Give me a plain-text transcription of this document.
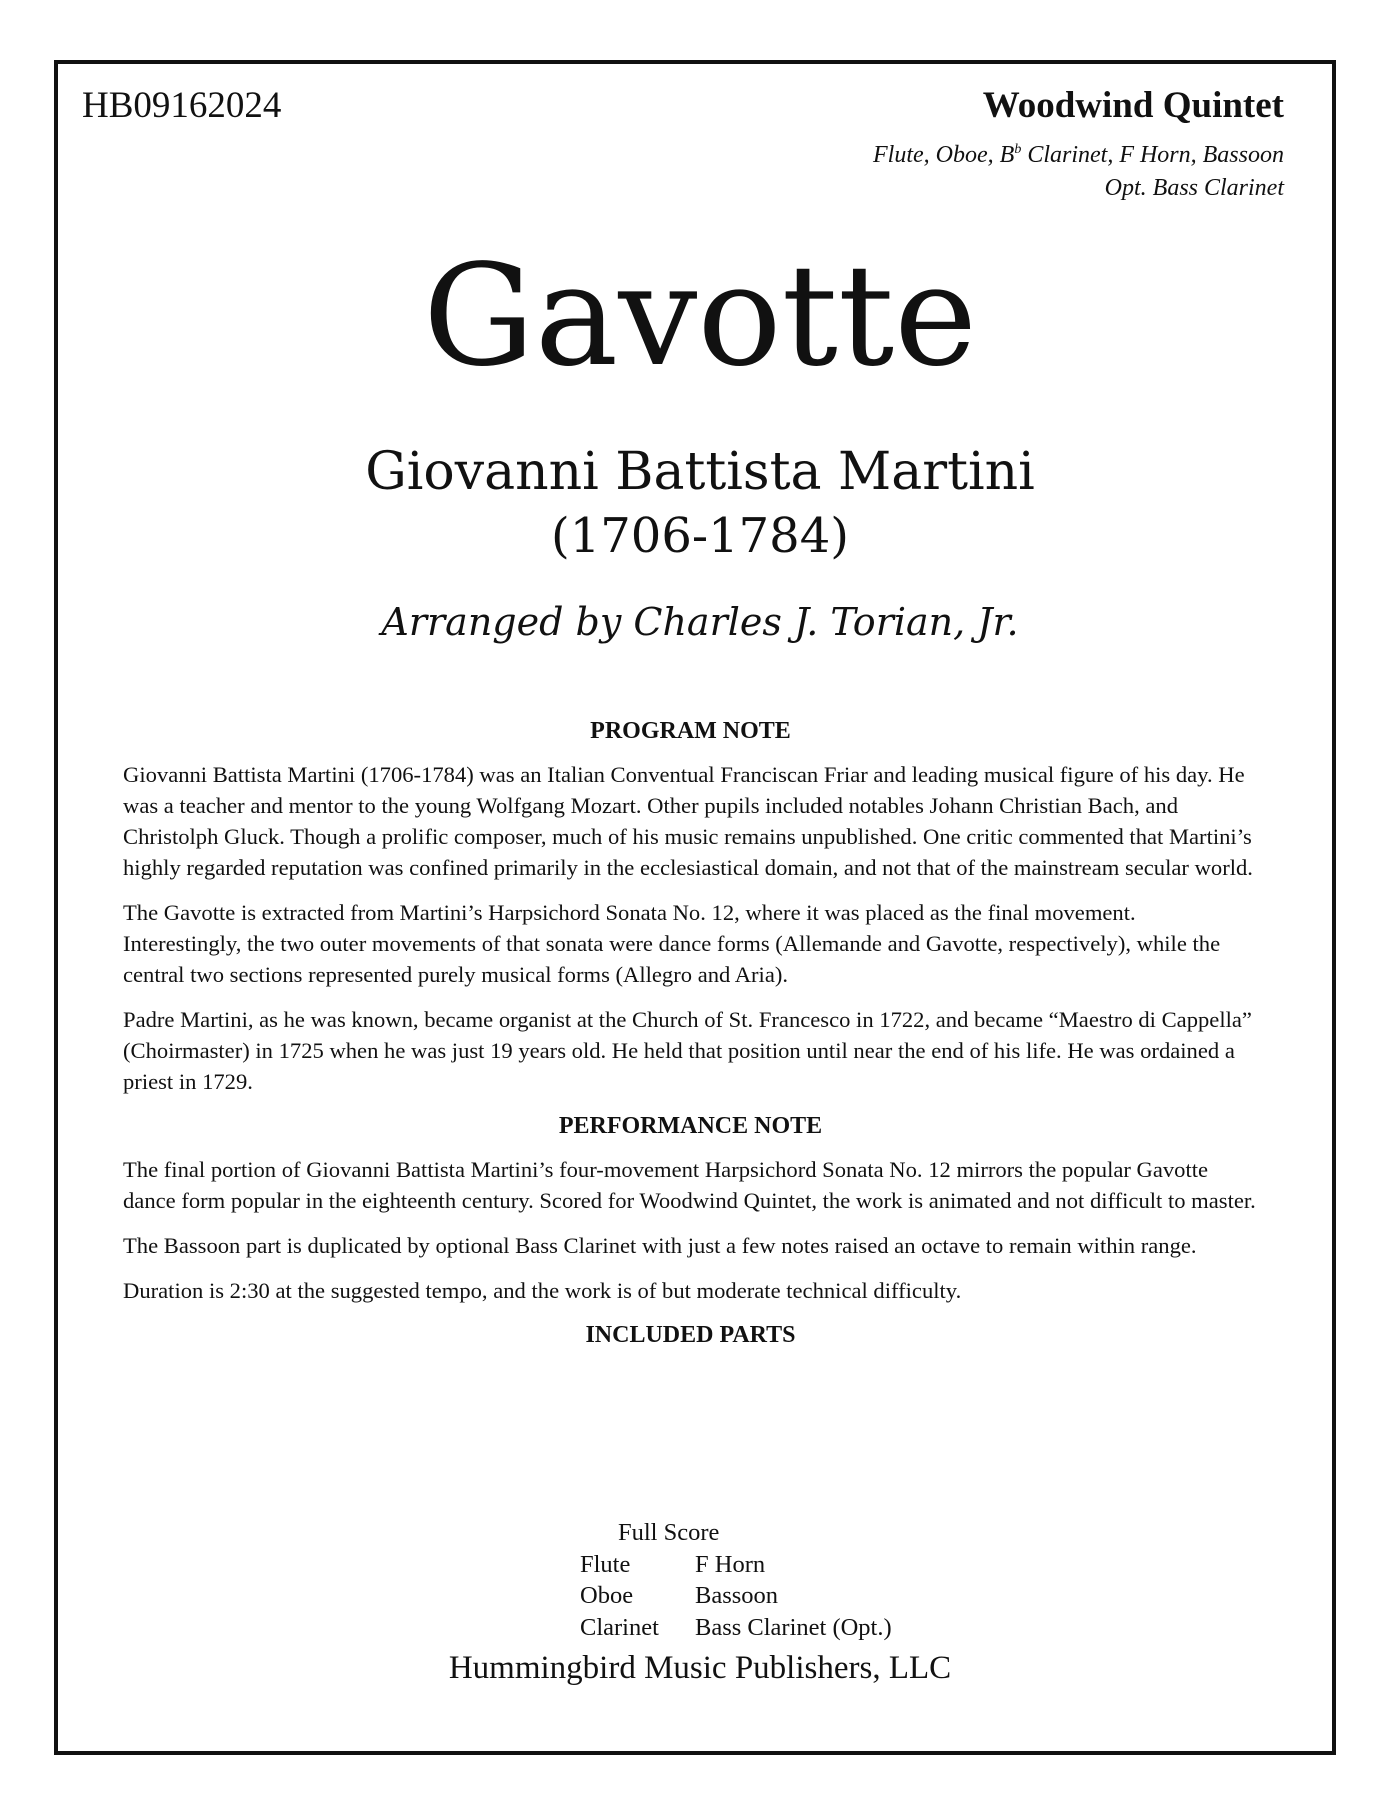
HB09162024	Woodwind Quintet
Flute, Oboe, $B^b$ Clarinet, F Horn, Bassoon
Opt. Bass Clarinet
Gavotte
Giovanni Battista Martini
(1706-1784)
Arranged by Charles J. Torian, Jr.
PROGRAM NOTE

Giovanni Battista Martini (1706-1784) was an Italian Conventual Franciscan Friar and leading musical figure of his day. He was a teacher and mentor to the young Wolfgang Mozart. Other pupils included notables Johann Christian Bach, and Christolph Gluck. Though a prolific composer, much of his music remains unpublished. One critic commented that Martini’s highly regarded reputation was confined primarily in the ecclesiastical domain, and not that of the mainstream secular world.

The Gavotte is extracted from Martini’s Harpsichord Sonata No. 12, where it was placed as the final movement. Interestingly, the two outer movements of that sonata were dance forms (Allemande and Gavotte, respectively), while the central two sections represented purely musical forms (Allegro and Aria).

Padre Martini, as he was known, became organist at the Church of St. Francesco in 1722, and became “Maestro di Cappella” (Choirmaster) in 1725 when he was just 19 years old. He held that position until near the end of his life. He was ordained a priest in 1729.

PERFORMANCE NOTE

The final portion of Giovanni Battista Martini’s four-movement Harpsichord Sonata No. 12 mirrors the popular Gavotte dance form popular in the eighteenth century. Scored for Woodwind Quintet, the work is animated and not difficult to master.

The Bassoon part is duplicated by optional Bass Clarinet with just a few notes raised an octave to remain within range.

Duration is 2:30 at the suggested tempo, and the work is of but moderate technical difficulty.

INCLUDED PARTS
Full Score
Flute	F Horn
Oboe	Bassoon
Clarinet	Bass Clarinet (Opt.)
Hummingbird Music Publishers, LLC
